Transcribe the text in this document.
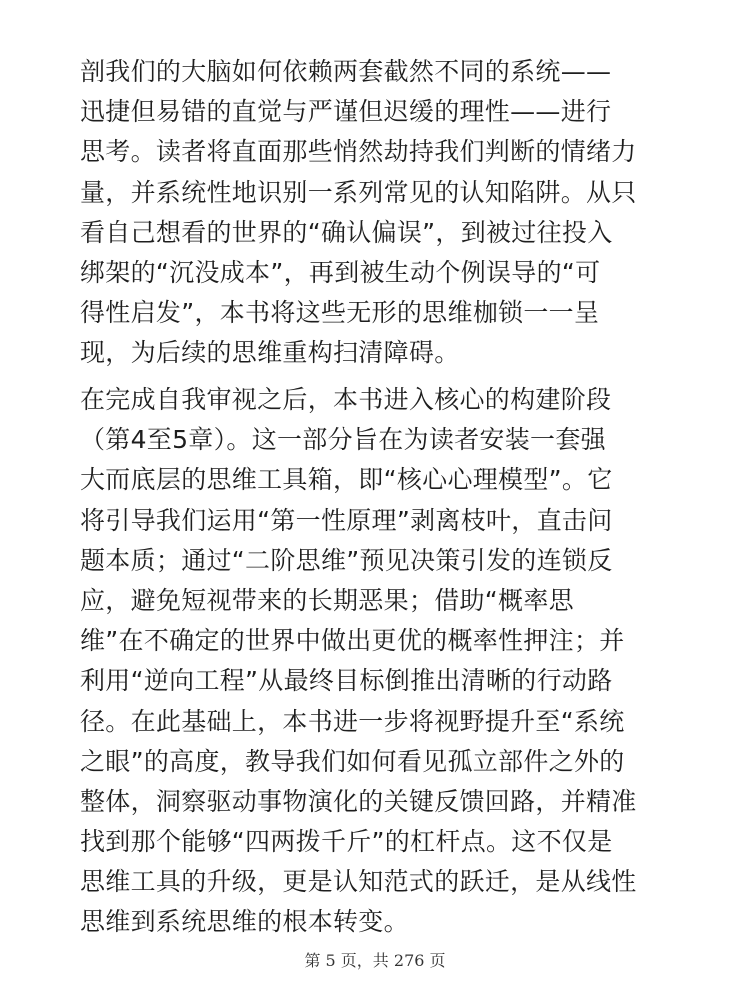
剖我们的大脑如何依赖两套截然不同的系统——
迅捷但易错的直觉与严谨但迟缓的理性——进行
思考。读者将直面那些悄然劫持我们判断的情绪力
量，并系统性地识别一系列常见的认知陷阱。从只
看自己想看的世界的“确认偏误”，到被过往投入
绑架的“沉没成本”，再到被生动个例误导的“可
得性启发”，本书将这些无形的思维枷锁一一呈
现，为后续的思维重构扫清障碍。
在完成自我审视之后，本书进入核心的构建阶段
（第4至5章）。这一部分旨在为读者安装一套强
大而底层的思维工具箱，即“核心心理模型”。它
将引导我们运用“第一性原理”剥离枝叶，直击问
题本质；通过“二阶思维”预见决策引发的连锁反
应，避免短视带来的长期恶果；借助“概率思
维”在不确定的世界中做出更优的概率性押注；并
利用“逆向工程”从最终目标倒推出清晰的行动路
径。在此基础上，本书进一步将视野提升至“系统
之眼”的高度，教导我们如何看见孤立部件之外的
整体，洞察驱动事物演化的关键反馈回路，并精准
找到那个能够“四两拨千斤”的杠杆点。这不仅是
思维工具的升级，更是认知范式的跃迁，是从线性
思维到系统思维的根本转变。
第 5 页，共 276 页
